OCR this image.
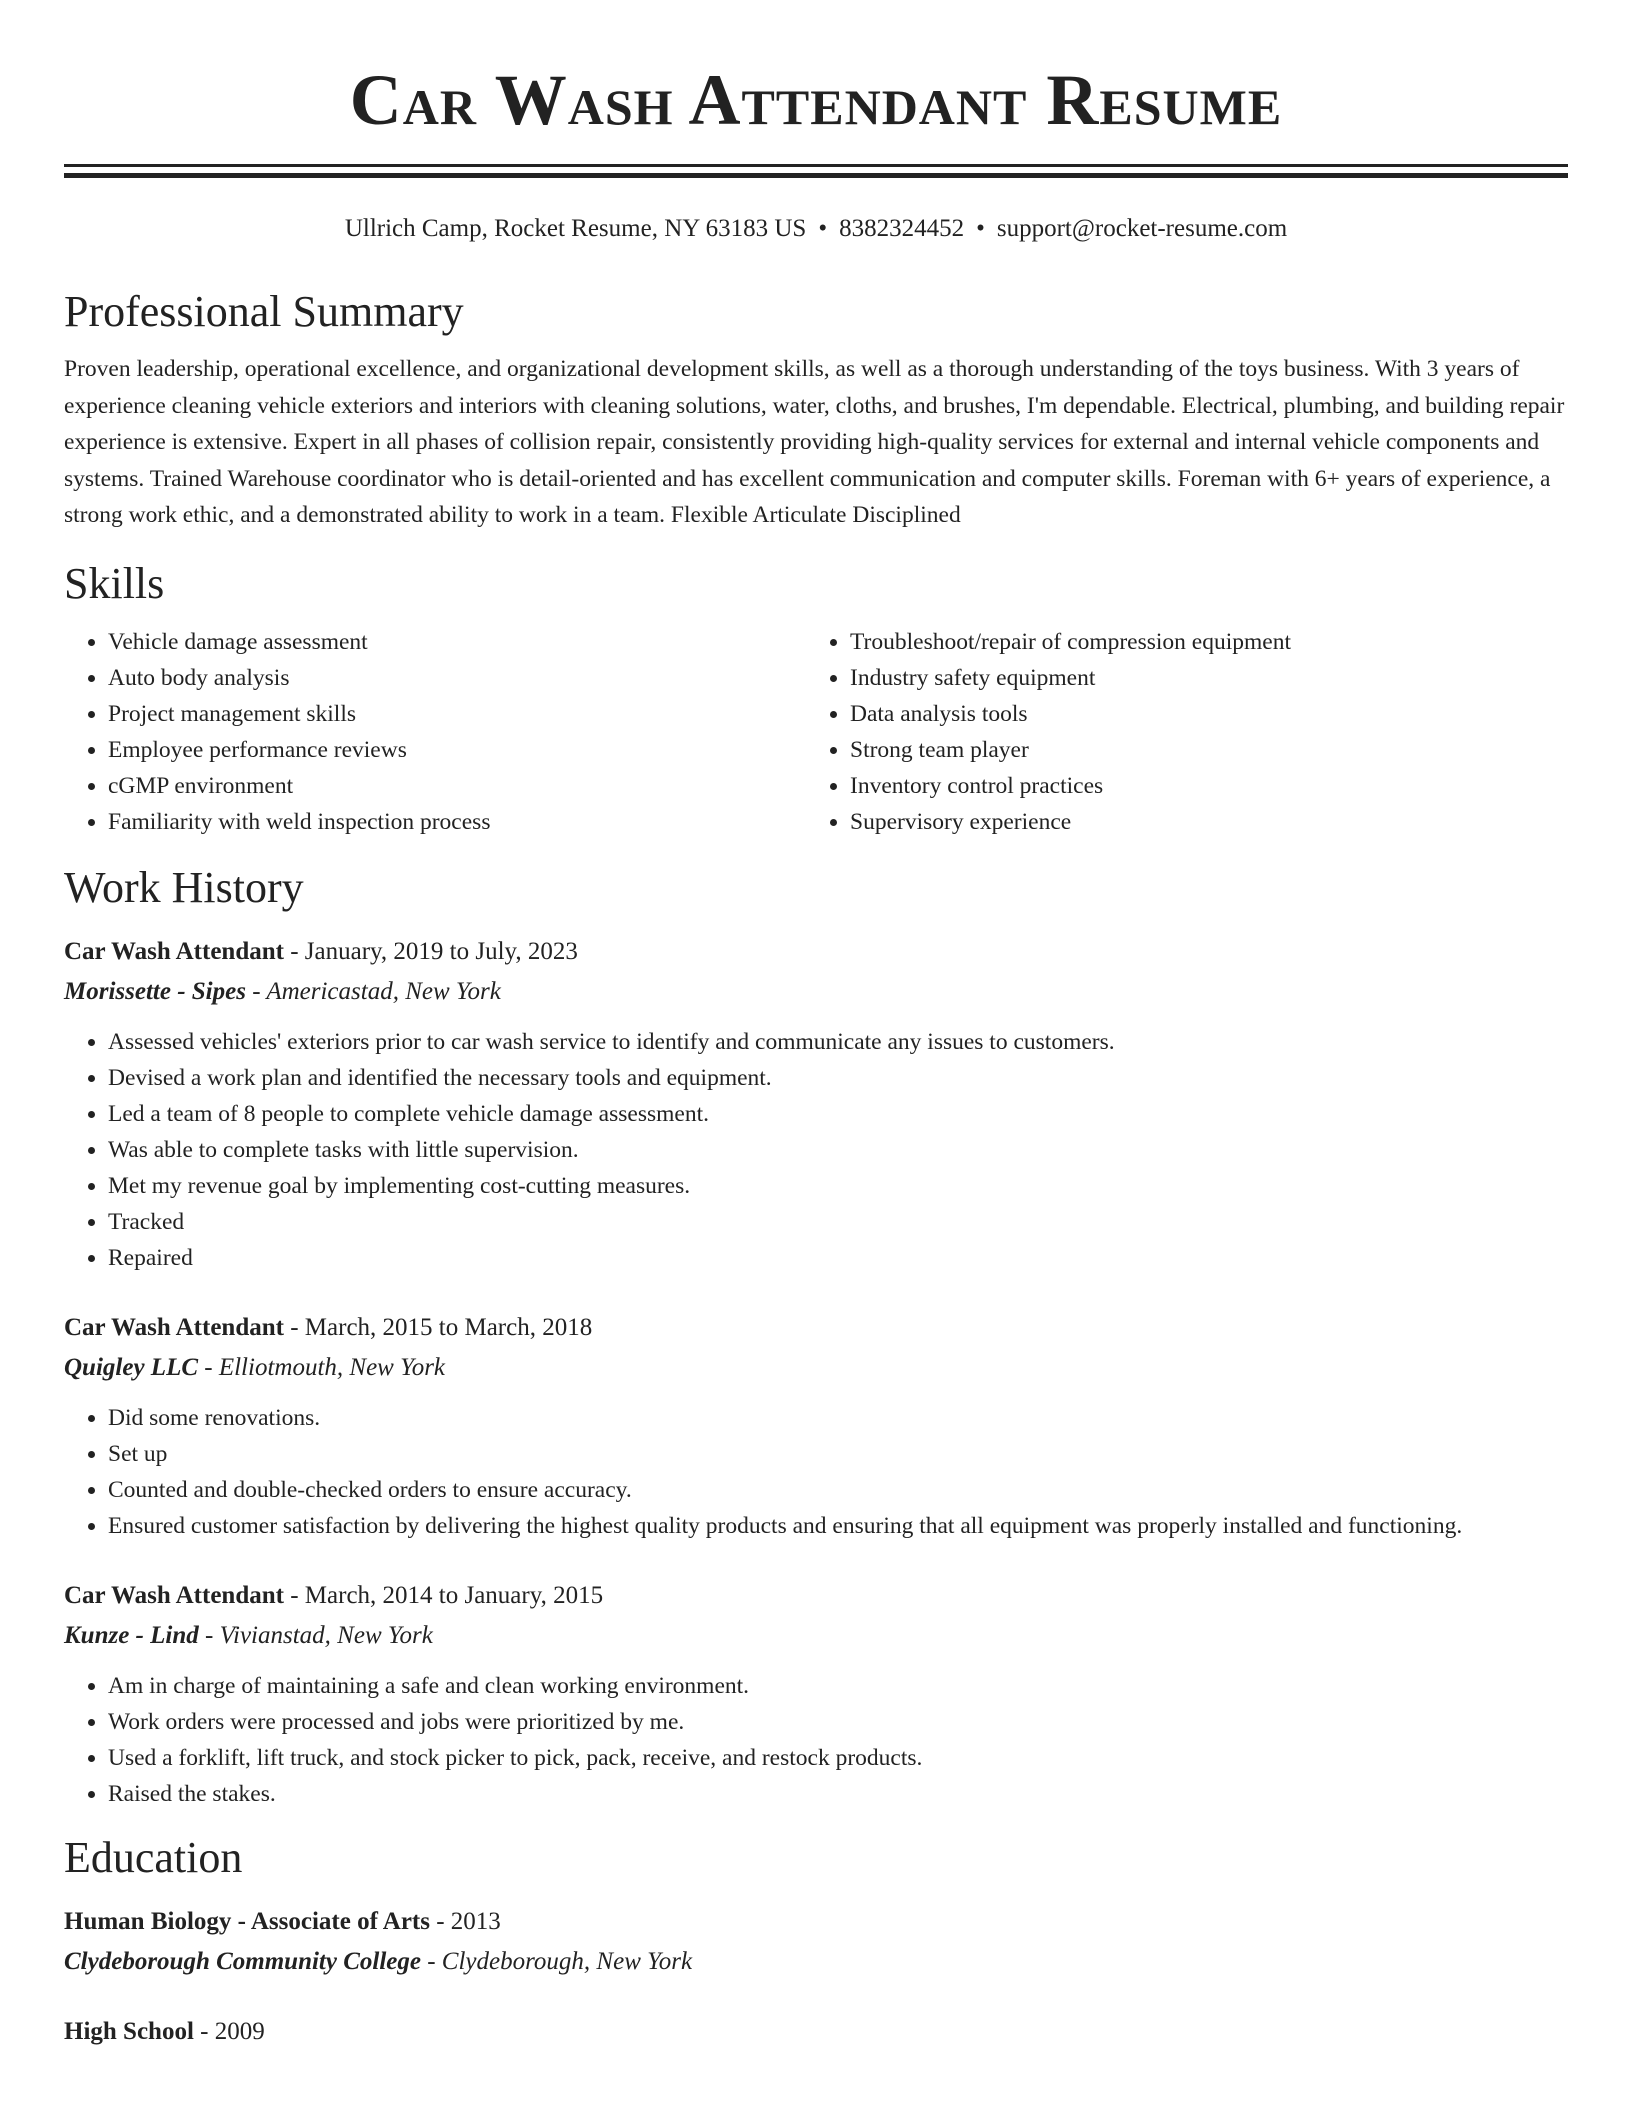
Car Wash Attendant Resume
Ullrich Camp, Rocket Resume, NY 63183 US • 8382324452 • support@rocket-resume.com
Professional Summary

Proven leadership, operational excellence, and organizational development skills, as well as a thorough understanding of the toys business. With 3 years of experience cleaning vehicle exteriors and interiors with cleaning solutions, water, cloths, and brushes, I'm dependable. Electrical, plumbing, and building repair experience is extensive. Expert in all phases of collision repair, consistently providing high-quality services for external and internal vehicle components and systems. Trained Warehouse coordinator who is detail-oriented and has excellent communication and computer skills. Foreman with 6+ years of experience, a strong work ethic, and a demonstrated ability to work in a team. Flexible Articulate Disciplined

Skills
• Vehicle damage assessment
• Auto body analysis
• Project management skills
• Employee performance reviews
• cGMP environment
• Familiarity with weld inspection process
• Troubleshoot/repair of compression equipment
• Industry safety equipment
• Data analysis tools
• Strong team player
• Inventory control practices
• Supervisory experience
Work History
Car Wash Attendant - January, 2019 to July, 2023
Morissette - Sipes - Americastad, New York
• Assessed vehicles' exteriors prior to car wash service to identify and communicate any issues to customers.
• Devised a work plan and identified the necessary tools and equipment.
• Led a team of 8 people to complete vehicle damage assessment.
• Was able to complete tasks with little supervision.
• Met my revenue goal by implementing cost-cutting measures.
• Tracked
• Repaired
Car Wash Attendant - March, 2015 to March, 2018
Quigley LLC - Elliotmouth, New York
• Did some renovations.
• Set up
• Counted and double-checked orders to ensure accuracy.
• Ensured customer satisfaction by delivering the highest quality products and ensuring that all equipment was properly installed and functioning.
Car Wash Attendant - March, 2014 to January, 2015
Kunze - Lind - Vivianstad, New York
• Am in charge of maintaining a safe and clean working environment.
• Work orders were processed and jobs were prioritized by me.
• Used a forklift, lift truck, and stock picker to pick, pack, receive, and restock products.
• Raised the stakes.
Education
Human Biology - Associate of Arts - 2013
Clydeborough Community College - Clydeborough, New York
High School - 2009
